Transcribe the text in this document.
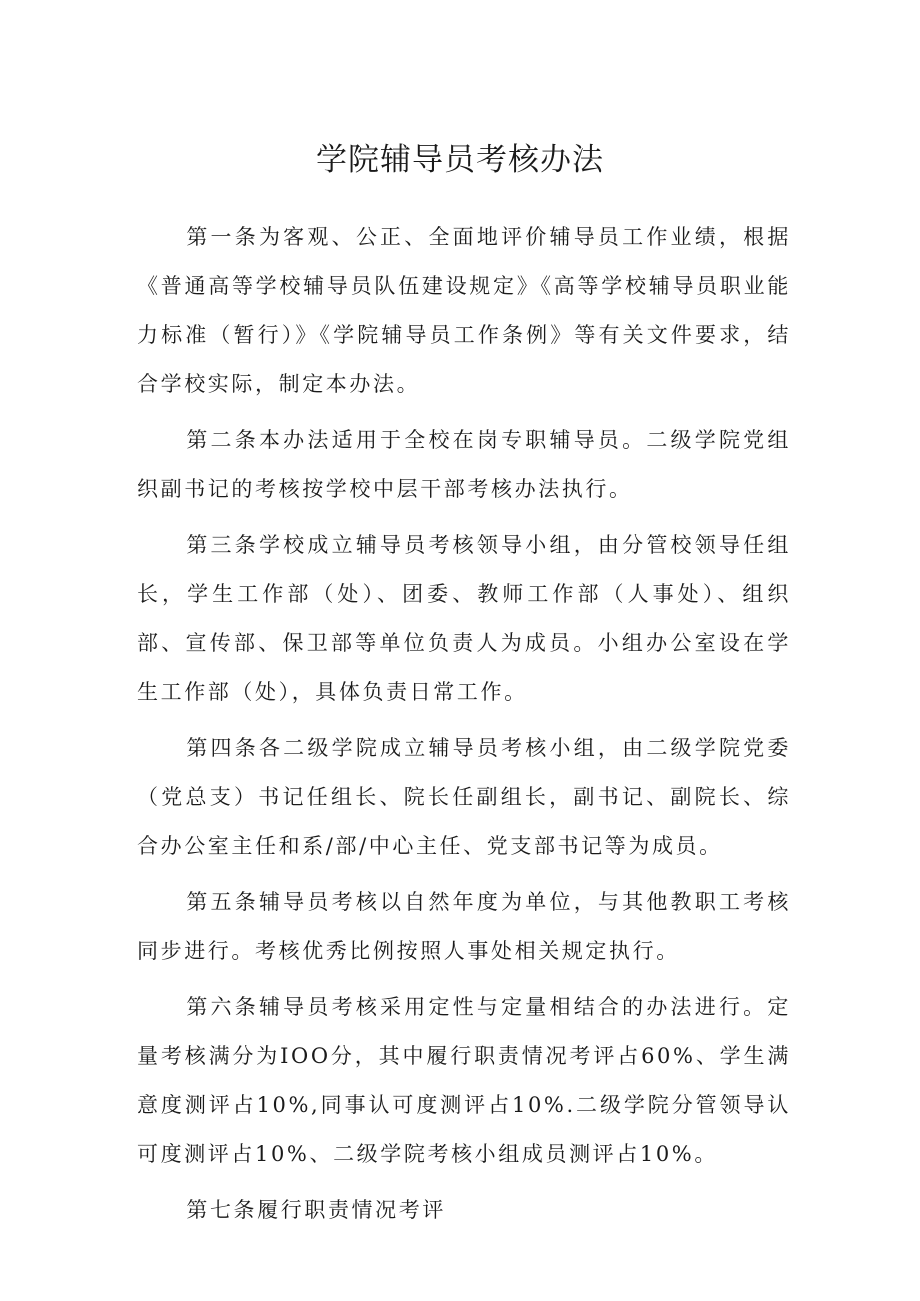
学院辅导员考核办法

第一条为客观、公正、全面地评价辅导员工作业绩，根据《普通高等学校辅导员队伍建设规定》《高等学校辅导员职业能力标准（暂行）》《学院辅导员工作条例》等有关文件要求，结合学校实际，制定本办法。

第二条本办法适用于全校在岗专职辅导员。二级学院党组织副书记的考核按学校中层干部考核办法执行。

第三条学校成立辅导员考核领导小组，由分管校领导任组长，学生工作部（处）、团委、教师工作部（人事处）、组织部、宣传部、保卫部等单位负责人为成员。小组办公室设在学生工作部（处），具体负责日常工作。

第四条各二级学院成立辅导员考核小组，由二级学院党委（党总支）书记任组长、院长任副组长，副书记、副院长、综合办公室主任和系/部/中心主任、党支部书记等为成员。

第五条辅导员考核以自然年度为单位，与其他教职工考核同步进行。考核优秀比例按照人事处相关规定执行。

第六条辅导员考核采用定性与定量相结合的办法进行。定量考核满分为IOO分，其中履行职责情况考评占60%、学生满意度测评占10%,同事认可度测评占10%.二级学院分管领导认可度测评占10%、二级学院考核小组成员测评占10%。

第七条履行职责情况考评
